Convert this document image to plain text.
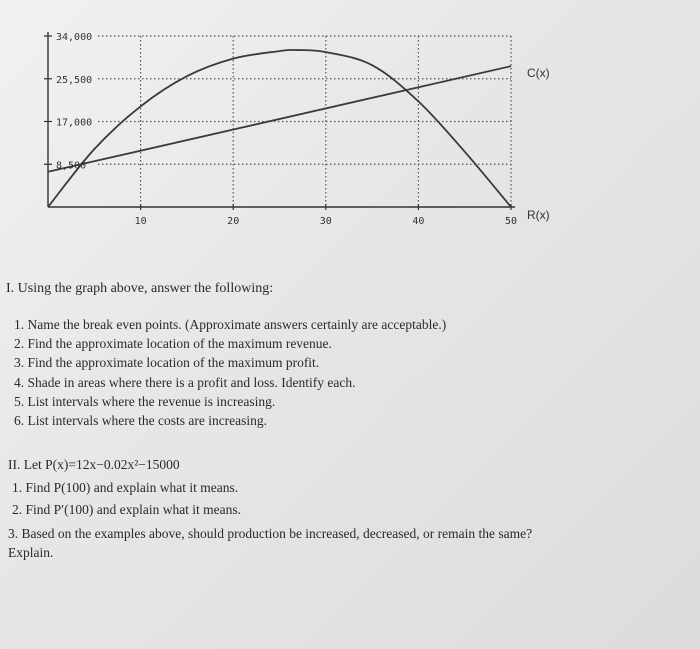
34,000
25,500
17,000
8,500
10	20	30	40	50
C(x)
R(x)
I. Using the graph above, answer the following:
1. Name the break even points. (Approximate answers certainly are acceptable.)
2. Find the approximate location of the maximum revenue.
3. Find the approximate location of the maximum profit.
4. Shade in areas where there is a profit and loss. Identify each.
5. List intervals where the revenue is increasing.
6. List intervals where the costs are increasing.
II. Let P(x)=12x−0.02x²−15000
1. Find P(100) and explain what it means.
2. Find P′(100) and explain what it means.
3. Based on the examples above, should production be increased, decreased, or remain the same?
Explain.
